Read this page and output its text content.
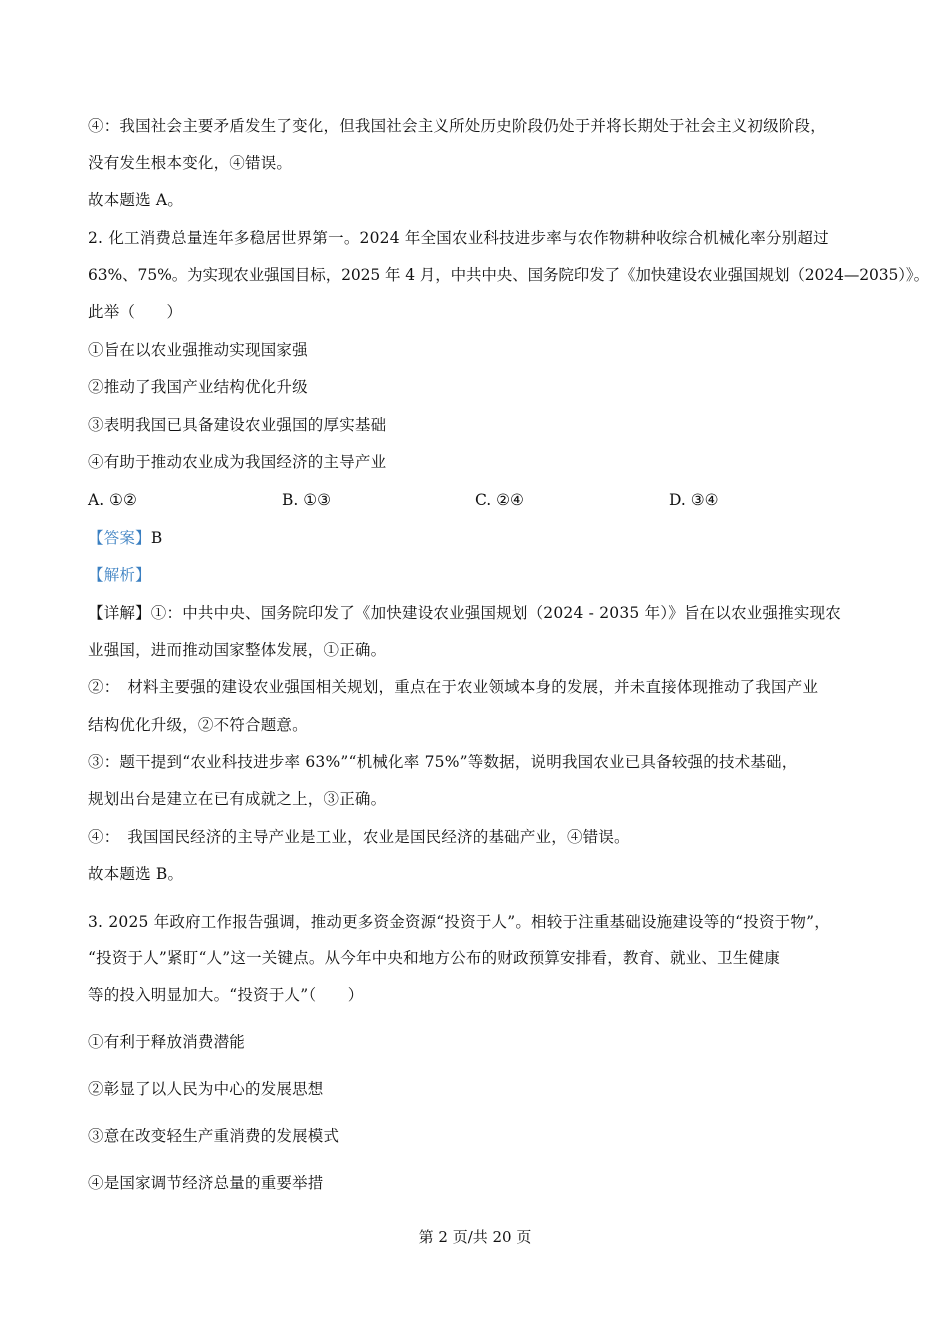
④：我国社会主要矛盾发生了变化，但我国社会主义所处历史阶段仍处于并将长期处于社会主义初级阶段，
没有发生根本变化，④错误。
故本题选 A。
2. 化工消费总量连年多稳居世界第一。2024 年全国农业科技进步率与农作物耕种收综合机械化率分别超过
63%、75%。为实现农业强国目标，2025 年 4 月，中共中央、国务院印发了《加快建设农业强国规划（2024—2035）》。
此举（　　）
①旨在以农业强推动实现国家强
②推动了我国产业结构优化升级
③表明我国已具备建设农业强国的厚实基础
④有助于推动农业成为我国经济的主导产业
A. ①②	B. ①③	C. ②④	D. ③④
【答案】B
【解析】
【详解】①：中共中央、国务院印发了《加快建设农业强国规划（2024 - 2035 年）》旨在以农业强推实现农
业强国，进而推动国家整体发展，①正确。
②：　材料主要强的建设农业强国相关规划，重点在于农业领域本身的发展，并未直接体现推动了我国产业
结构优化升级，②不符合题意。
③：题干提到“农业科技进步率 63%”“机械化率 75%”等数据，说明我国农业已具备较强的技术基础，
规划出台是建立在已有成就之上，③正确。
④：　我国国民经济的主导产业是工业，农业是国民经济的基础产业，④错误。
故本题选 B。
3. 2025 年政府工作报告强调，推动更多资金资源“投资于人”。相较于注重基础设施建设等的“投资于物”，
“投资于人”紧盯“人”这一关键点。从今年中央和地方公布的财政预算安排看，教育、就业、卫生健康
等的投入明显加大。“投资于人”（　　）
①有利于释放消费潜能
②彰显了以人民为中心的发展思想
③意在改变轻生产重消费的发展模式
④是国家调节经济总量的重要举措
第 2 页/共 20 页
